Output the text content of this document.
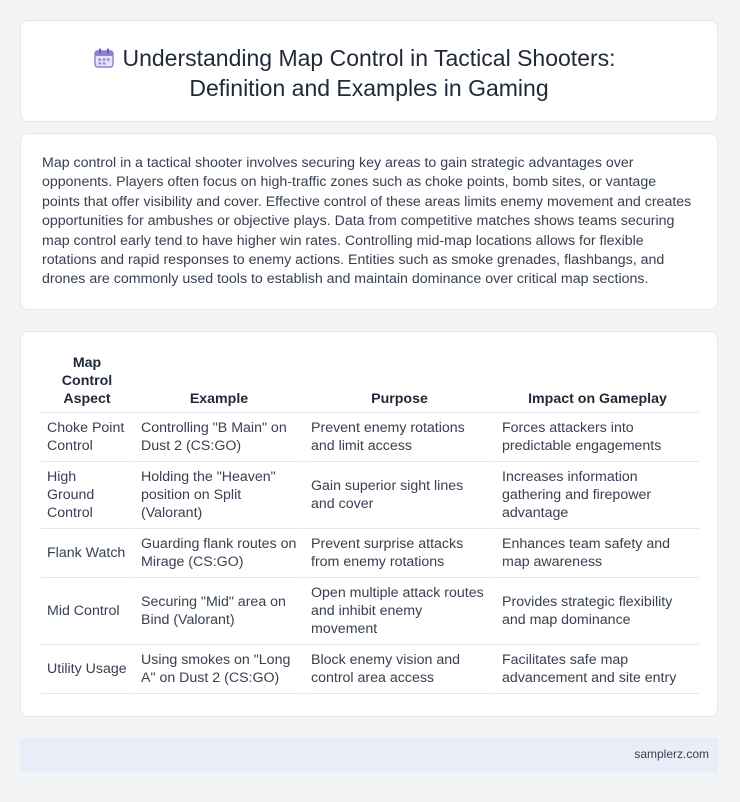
Understanding Map Control in Tactical Shooters:
Definition and Examples in Gaming

Map control in a tactical shooter involves securing key areas to gain strategic advantages over opponents. Players often focus on high-traffic zones such as choke points, bomb sites, or vantage points that offer visibility and cover. Effective control of these areas limits enemy movement and creates opportunities for ambushes or objective plays. Data from competitive matches shows teams securing map control early tend to have higher win rates. Controlling mid-map locations allows for flexible rotations and rapid responses to enemy actions. Entities such as smoke grenades, flashbangs, and drones are commonly used tools to establish and maintain dominance over critical map sections.

Map Control Aspect	Example	Purpose	Impact on Gameplay
Choke Point Control	Controlling "B Main" on Dust 2 (CS:GO)	Prevent enemy rotations and limit access	Forces attackers into predictable engagements
High Ground Control	Holding the "Heaven" position on Split (Valorant)	Gain superior sight lines and cover	Increases information gathering and firepower advantage
Flank Watch	Guarding flank routes on Mirage (CS:GO)	Prevent surprise attacks from enemy rotations	Enhances team safety and map awareness
Mid Control	Securing "Mid" area on Bind (Valorant)	Open multiple attack routes and inhibit enemy movement	Provides strategic flexibility and map dominance
Utility Usage	Using smokes on "Long A" on Dust 2 (CS:GO)	Block enemy vision and control area access	Facilitates safe map advancement and site entry
samplerz.com
